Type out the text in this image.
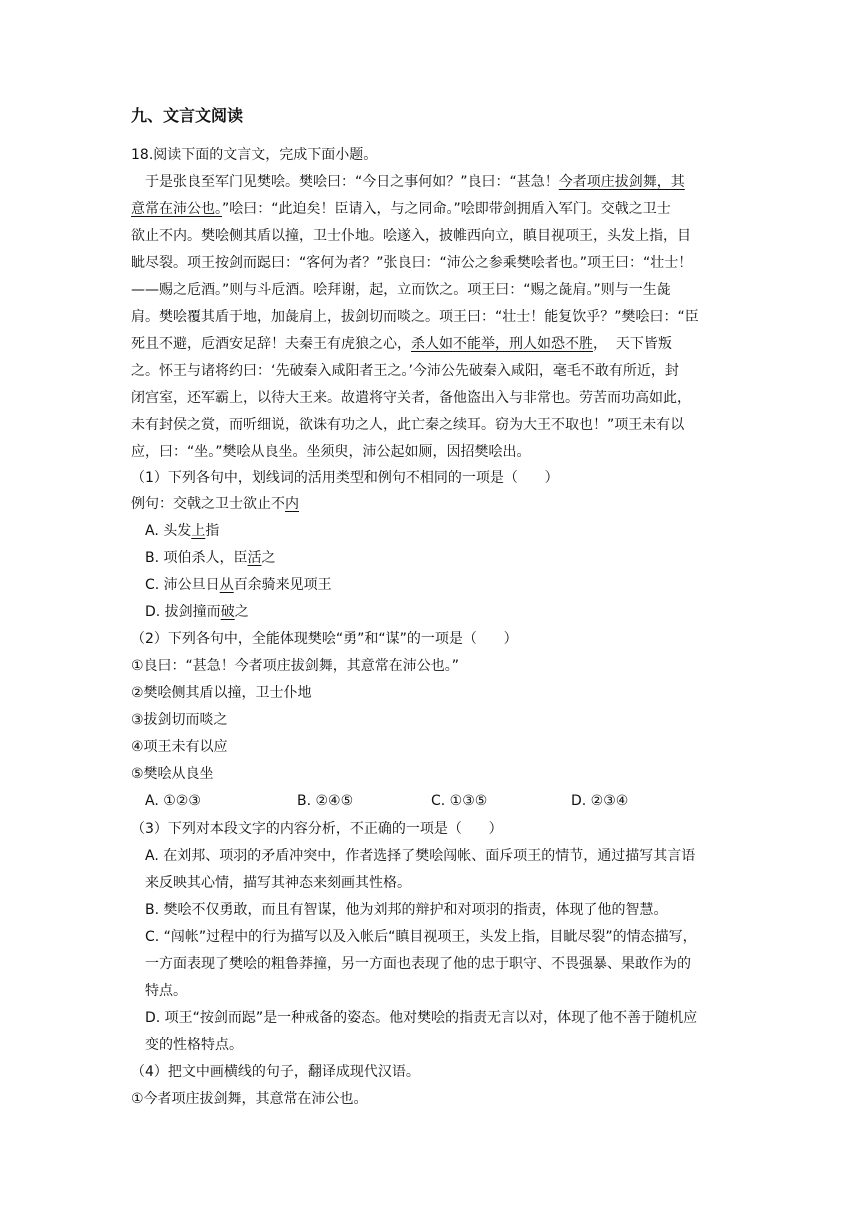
九、文言文阅读
18.阅读下面的文言文，完成下面小题。
于是张良至军门见樊哙。樊哙曰：“今日之事何如？”良曰：“甚急！今者项庄拔剑舞，其
意常在沛公也。”哙曰：“此迫矣！臣请入，与之同命。”哙即带剑拥盾入军门。交戟之卫士
欲止不内。樊哙侧其盾以撞，卫士仆地。哙遂入，披帷西向立，瞋目视项王，头发上指，目
眦尽裂。项王按剑而跽曰：“客何为者？”张良曰：“沛公之参乘樊哙者也。”项王曰：“壮士！
——赐之卮酒。”则与斗卮酒。哙拜谢，起，立而饮之。项王曰：“赐之彘肩。”则与一生彘
肩。樊哙覆其盾于地，加彘肩上，拔剑切而啖之。项王曰：“壮士！能复饮乎？”樊哙曰：“臣
死且不避，卮酒安足辞！夫秦王有虎狼之心，杀人如不能举，刑人如恐不胜，  天下皆叛
之。怀王与诸将约曰：‘先破秦入咸阳者王之。’今沛公先破秦入咸阳，毫毛不敢有所近，封
闭宫室，还军霸上，以待大王来。故遣将守关者，备他盗出入与非常也。劳苦而功高如此，
未有封侯之赏，而听细说，欲诛有功之人，此亡秦之续耳。窃为大王不取也！”项王未有以
应，曰：“坐。”樊哙从良坐。坐须臾，沛公起如厕，因招樊哙出。
（1）下列各句中，划线词的活用类型和例句不相同的一项是（      ）
例句：交戟之卫士欲止不内
A. 头发上指
B. 项伯杀人，臣活之
C. 沛公旦日从百余骑来见项王
D. 拔剑撞而破之
（2）下列各句中，全能体现樊哙“勇”和“谋”的一项是（      ）
①良曰：“甚急！今者项庄拔剑舞，其意常在沛公也。”
②樊哙侧其盾以撞，卫士仆地
③拔剑切而啖之
④项王未有以应
⑤樊哙从良坐
A. ①②③	B. ②④⑤	C. ①③⑤	D. ②③④
（3）下列对本段文字的内容分析，不正确的一项是（      ）
A. 在刘邦、项羽的矛盾冲突中，作者选择了樊哙闯帐、面斥项王的情节，通过描写其言语
来反映其心情，描写其神态来刻画其性格。
B. 樊哙不仅勇敢，而且有智谋，他为刘邦的辩护和对项羽的指责，体现了他的智慧。
C. “闯帐”过程中的行为描写以及入帐后“瞋目视项王，头发上指，目眦尽裂”的情态描写，
一方面表现了樊哙的粗鲁莽撞，另一方面也表现了他的忠于职守、不畏强暴、果敢作为的
特点。
D. 项王“按剑而跽”是一种戒备的姿态。他对樊哙的指责无言以对，体现了他不善于随机应
变的性格特点。
（4）把文中画横线的句子，翻译成现代汉语。
①今者项庄拔剑舞，其意常在沛公也。
